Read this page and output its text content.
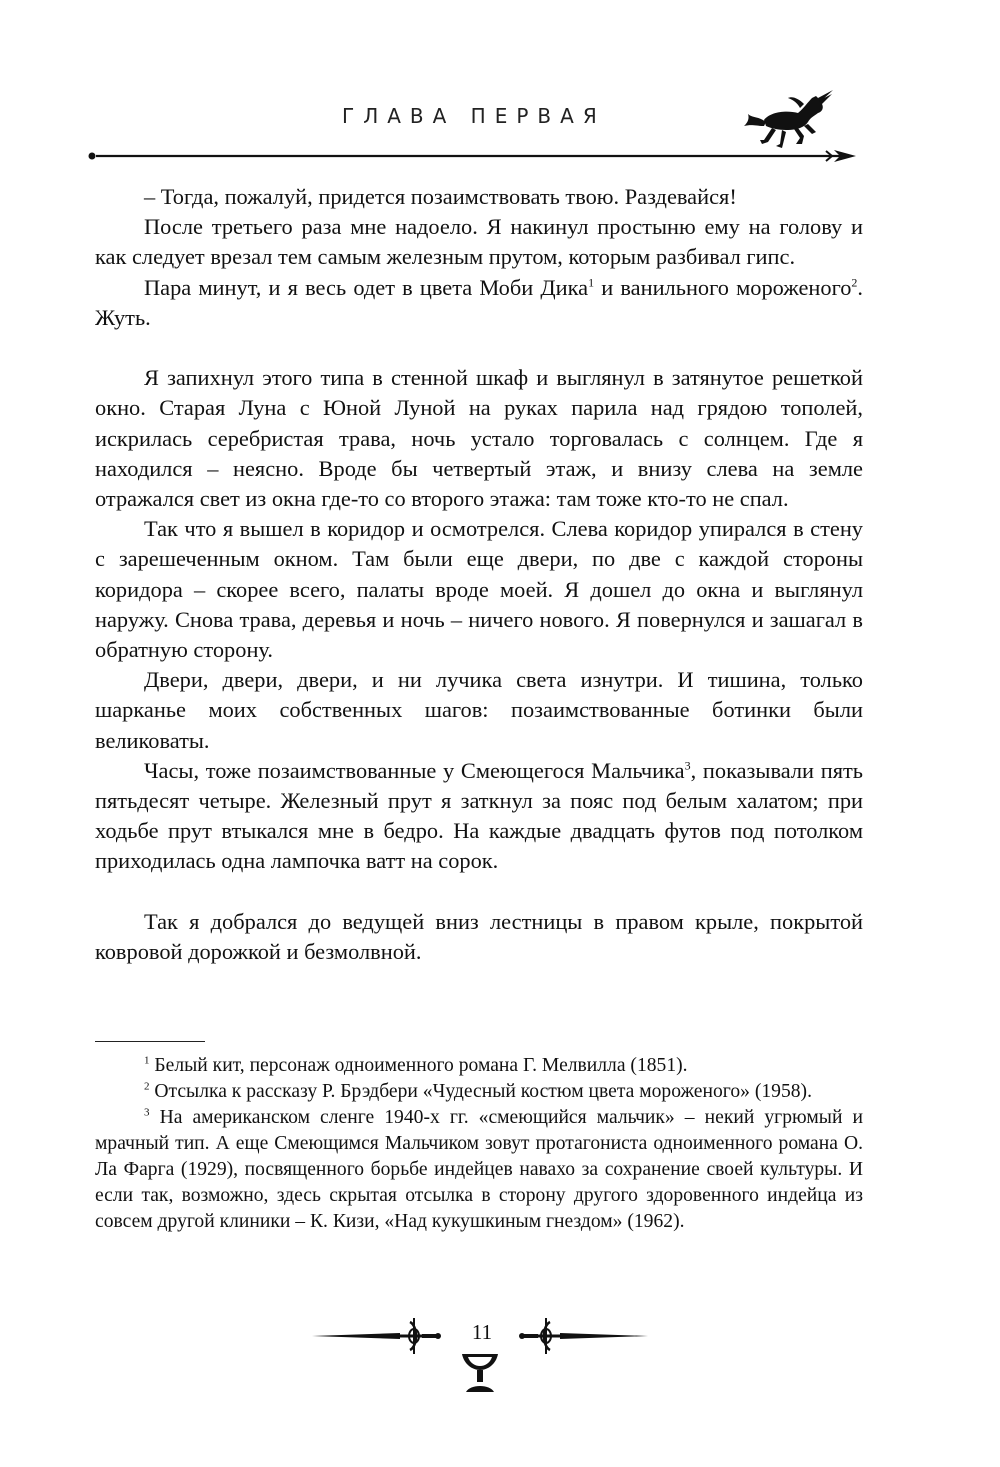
ГЛАВА ПЕРВАЯ

– Тогда, пожалуй, придется позаимствовать твою. Раздевайся!

После третьего раза мне надоело. Я накинул простыню ему на голову и как следует врезал тем самым железным прутом, которым разбивал гипс.

Пара минут, и я весь одет в цвета Моби Дика$^1$ и ванильного мороженого$^2$. Жуть.

Я запихнул этого типа в стенной шкаф и выглянул в затянутое решеткой окно. Старая Луна с Юной Луной на руках парила над грядою тополей, искрилась серебристая трава, ночь устало торговалась с солнцем. Где я находился – неясно. Вроде бы четвертый этаж, и внизу слева на земле отражался свет из окна где-то со второго этажа: там тоже кто-то не спал.

Так что я вышел в коридор и осмотрелся. Слева коридор упирался в стену с зарешеченным окном. Там были еще двери, по две с каждой стороны коридора – скорее всего, палаты вроде моей. Я дошел до окна и выглянул наружу. Снова трава, деревья и ночь – ничего нового. Я повернулся и зашагал в обратную сторону.

Двери, двери, двери, и ни лучика света изнутри. И тишина, только шарканье моих собственных шагов: позаимствованные ботинки были великоваты.

Часы, тоже позаимствованные у Смеющегося Мальчика$^3$, показывали пять пятьдесят четыре. Железный прут я заткнул за пояс под белым халатом; при ходьбе прут втыкался мне в бедро. На каждые двадцать футов под потолком приходилась одна лампочка ватт на сорок.

Так я добрался до ведущей вниз лестницы в правом крыле, покрытой ковровой дорожкой и безмолвной.

$^1$ Белый кит, персонаж одноименного романа Г. Мелвилла (1851).

$^2$ Отсылка к рассказу Р. Брэдбери «Чудесный костюм цвета мороженого» (1958).

$^3$ На американском сленге 1940-х гг. «смеющийся мальчик» – некий угрюмый и мрачный тип. А еще Смеющимся Мальчиком зовут протагониста одноименного романа О. Ла Фарга (1929), посвященного борьбе индейцев навахо за сохранение своей культуры. И если так, возможно, здесь скрытая отсылка в сторону другого здоровенного индейца из совсем другой клиники – К. Кизи, «Над кукушкиным гнездом» (1962).

11
